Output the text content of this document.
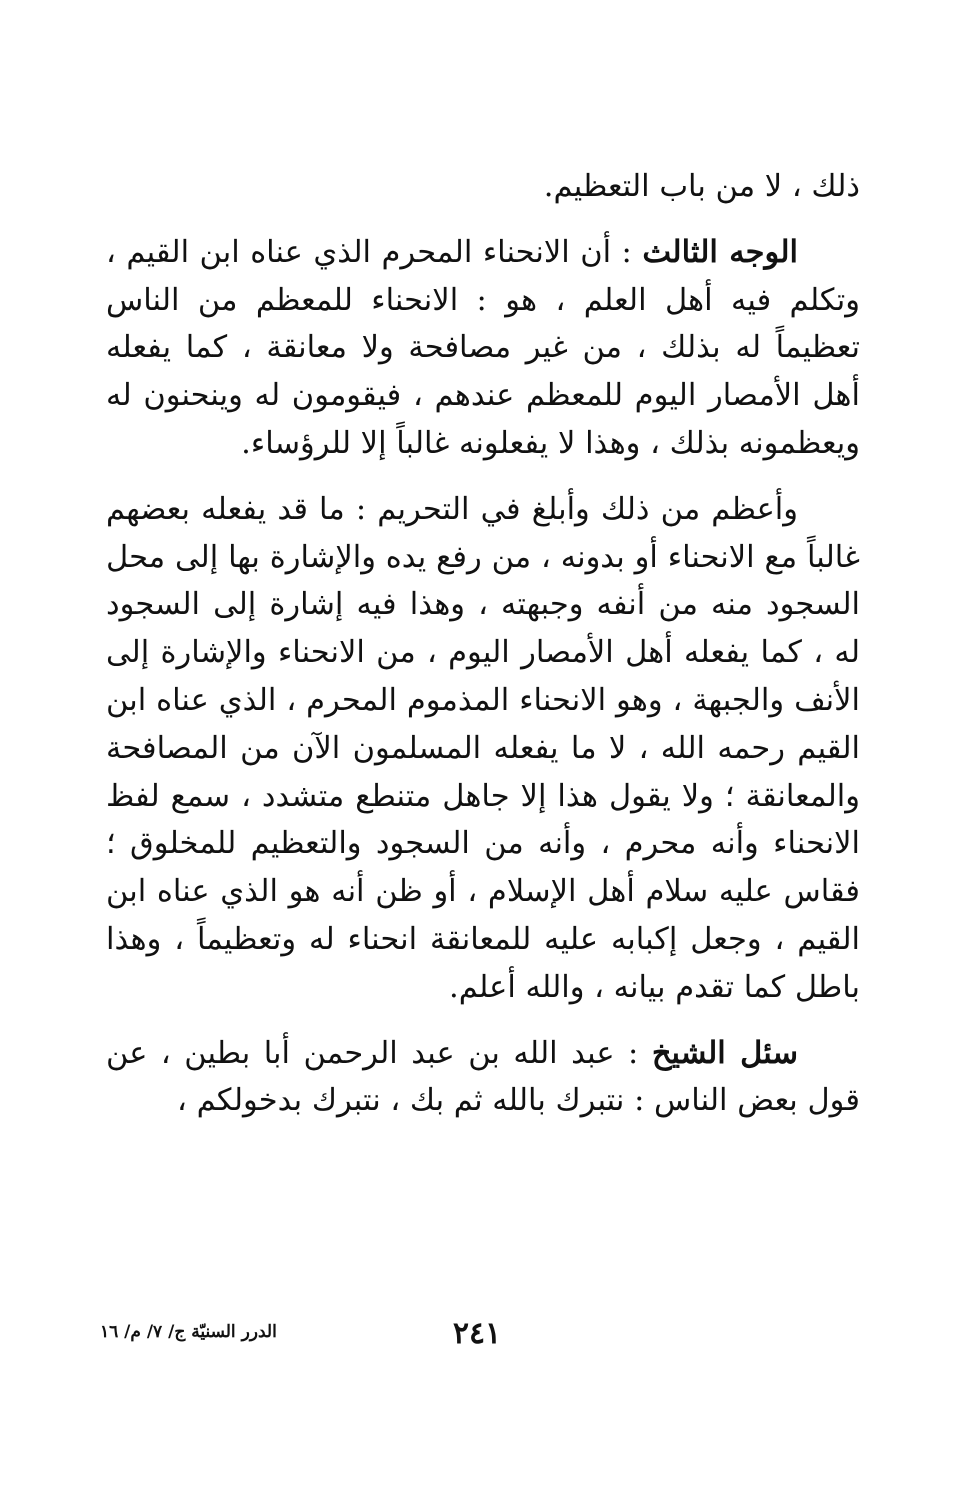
ذلك ، لا من باب التعظيم.

الوجه الثالث : أن الانحناء المحرم الذي عناه ابن القيم ، وتكلم فيه أهل العلم ، هو : الانحناء للمعظم من الناس تعظيماً له بذلك ، من غير مصافحة ولا معانقة ، كما يفعله أهل الأمصار اليوم للمعظم عندهم ، فيقومون له وينحنون له ويعظمونه بذلك ، وهذا لا يفعلونه غالباً إلا للرؤساء.

وأعظم من ذلك وأبلغ في التحريم : ما قد يفعله بعضهم غالباً مع الانحناء أو بدونه ، من رفع يده والإشارة بها إلى محل السجود منه من أنفه وجبهته ، وهذا فيه إشارة إلى السجود له ، كما يفعله أهل الأمصار اليوم ، من الانحناء والإشارة إلى الأنف والجبهة ، وهو الانحناء المذموم المحرم ، الذي عناه ابن القيم رحمه الله ، لا ما يفعله المسلمون الآن من المصافحة والمعانقة ؛ ولا يقول هذا إلا جاهل متنطع متشدد ، سمع لفظ الانحناء وأنه محرم ، وأنه من السجود والتعظيم للمخلوق ؛ فقاس عليه سلام أهل الإسلام ، أو ظن أنه هو الذي عناه ابن القيم ، وجعل إكبابه عليه للمعانقة انحناء له وتعظيماً ، وهذا باطل كما تقدم بيانه ، والله أعلم.

سئل الشيخ : عبد الله بن عبد الرحمن أبا بطين ، عن قول بعض الناس : نتبرك بالله ثم بك ، نتبرك بدخولكم ،

٢٤١
الدرر السنيّة ج/ ٧/ م/ ١٦
